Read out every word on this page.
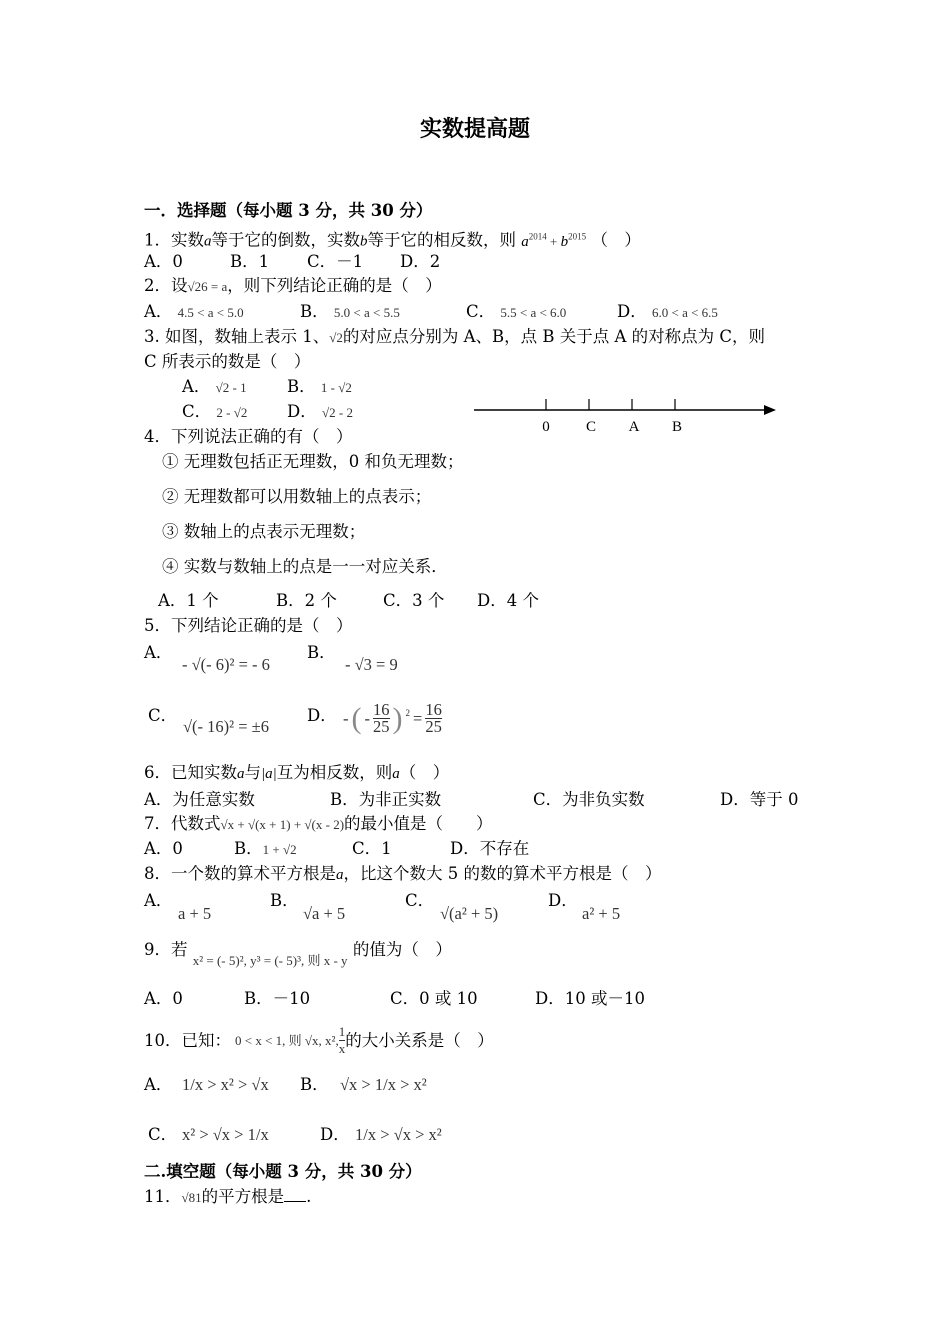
实数提高题
一．选择题（每小题 3 分，共 30 分）
1．实数a等于它的倒数，实数b等于它的相反数，则 $a^{2014} + b^{2015}$ （　）
A．0	B．1 C．－1 D．2
2．设√26 = a，则下列结论正确的是（　）
A． 4.5 < a < 5.0	B． 5.0 < a < 5.5	C． 5.5 < a < 6.0	D． 6.0 < a < 6.5
3. 如图，数轴上表示 1、√2的对应点分别为 A、B，点 B 关于点 A 的对称点为 C，则
C 所表示的数是（　）
A． √2 - 1 B． 1 - √2
C． 2 - √2 D． √2 - 2
0 C A B
4．下列说法正确的有（　）
① 无理数包括正无理数，0 和负无理数；
② 无理数都可以用数轴上的点表示；
③ 数轴上的点表示无理数；
④ 实数与数轴上的点是一一对应关系．
A．1 个	B．2 个	C．3 个 D．4 个
5．下列结论正确的是（　）
A．
- √(- 6)² = - 6
B．
- √3 = 9
C．
√(- 16)² = ±6
D． - ( - 16
25 ) $2 = \frac{16}{25}$
6．已知实数a与|a|互为相反数，则a（　）
A．为任意实数	B．为非正实数	C．为非负实数	D．等于 0
7．代数式√x + √(x + 1) + √(x - 2)的最小值是（　　）
A．0	B．1 + √2	C．1	D．不存在
8．一个数的算术平方根是a，比这个数大 5 的数的算术平方根是（　）
A．
a + 5
B．
√a + 5
C．
√(a² + 5)
D．
a² + 5
9．若 $_{x^2 = (- 5)^2, y^3 = (- 5)^3, 则 x - y}$ 的值为（　）
A．0	B．－10	C．0 或 10	D．10 或－10
10．已知： 0 < x < 1, 则 √x, x²,
1
x 的大小关系是（　）
A． 1/x > x² > √x B． √x > 1/x > x²
C． x² > √x > 1/x	D． 1/x > √x > x²
二.填空题（每小题 3 分，共 30 分）
11．√81的平方根是 .
